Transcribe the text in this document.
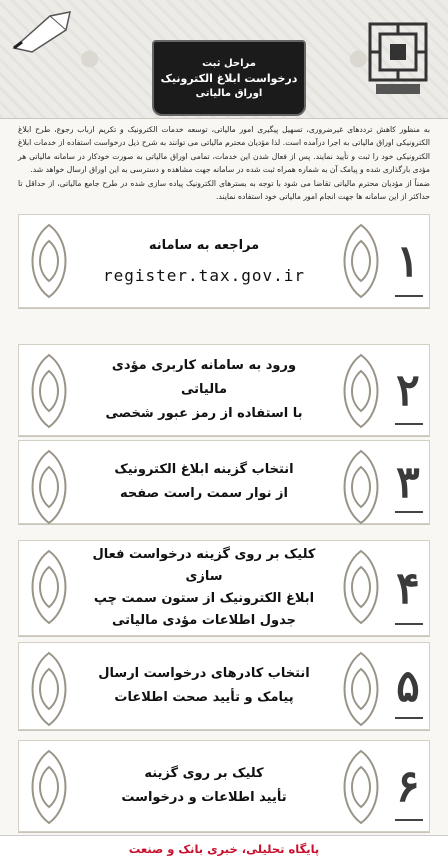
مراحل ثبت
درخواست ابلاغ الکترونیک
اوراق مالیاتی

به منظور کاهش ترددهای غیرضروری، تسهیل پیگیری امور مالیاتی، توسعه خدمات الکترونیک و تکریم ارباب رجوع، طرح ابلاغ الکترونیکی اوراق مالیاتی به اجرا درآمده است. لذا مؤدیان محترم مالیاتی می توانند به شرح ذیل درخواست استفاده از خدمات ابلاغ الکترونیکی خود را ثبت و تأیید نمایند. پس از فعال شدن این خدمات، تمامی اوراق مالیاتی به صورت خودکار در سامانه مالیاتی هر مؤدی بارگذاری شده و پیامک آن به شماره همراه ثبت شده در سامانه جهت مشاهده و دسترسی به این اوراق ارسال خواهد شد.

ضمناً از مؤدیان محترم مالیاتی تقاضا می شود با توجه به بسترهای الکترونیک پیاده سازی شده در طرح جامع مالیاتی، از حداقل تا حداکثر از این سامانه ها جهت انجام امور مالیاتی خود استفاده نمایند.

مراجعه به سامانه
register.tax.gov.ir ۱
ورود به سامانه کاربری مؤدی مالیاتی
با استفاده از رمز عبور شخصی ۲
انتخاب گزینه ابلاغ الکترونیک
از نوار سمت راست صفحه ۳
کلیک بر روی گزینه درخواست فعال سازی
ابلاغ الکترونیک از ستون سمت چپ
جدول اطلاعات مؤدی مالیاتی
۴
انتخاب کادرهای درخواست ارسال
پیامک و تأیید صحت اطلاعات ۵
کلیک بر روی گزینه
تأیید اطلاعات و درخواست ۶
پایگاه تحلیلی، خبری بانک و صنعت
